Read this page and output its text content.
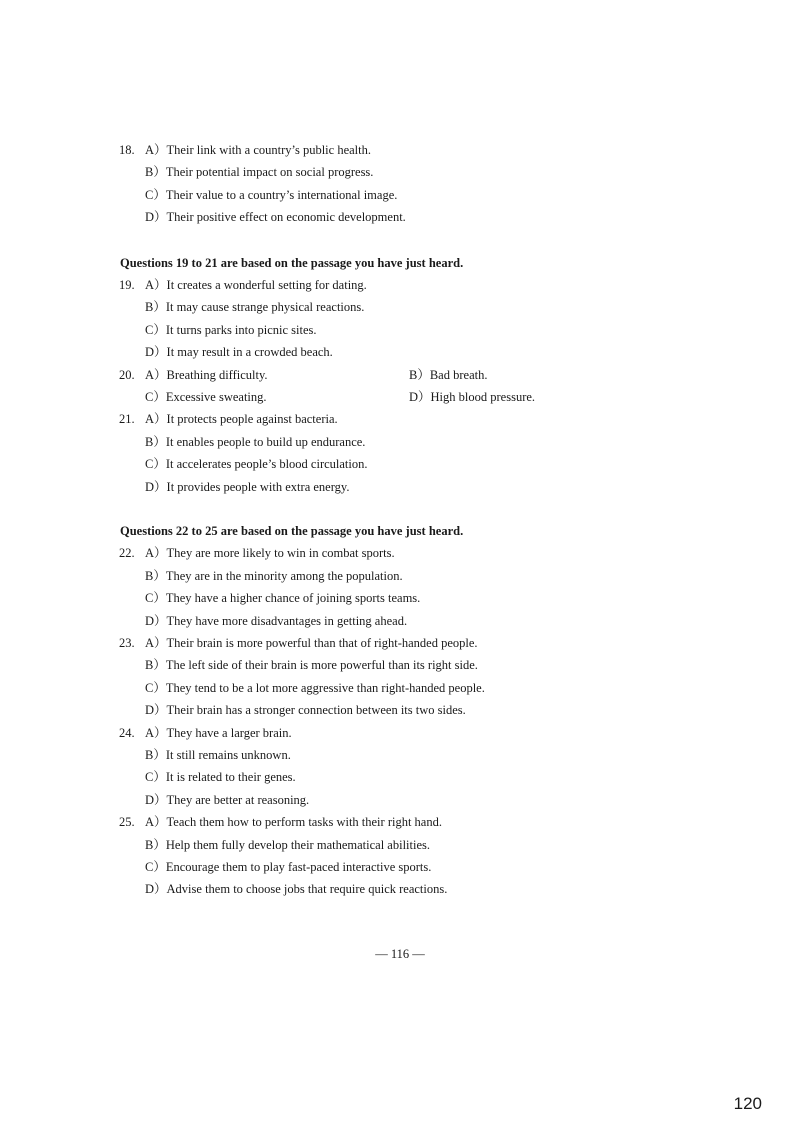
18. A）Their link with a country’s public health.
B）Their potential impact on social progress.
C）Their value to a country’s international image.
D）Their positive effect on economic development.
Questions 19 to 21 are based on the passage you have just heard.
19. A）It creates a wonderful setting for dating.
B）It may cause strange physical reactions.
C）It turns parks into picnic sites.
D）It may result in a crowded beach.
20. A）Breathing difficulty.	B）Bad breath.
C）Excessive sweating.	D）High blood pressure.
21. A）It protects people against bacteria.
B）It enables people to build up endurance.
C）It accelerates people’s blood circulation.
D）It provides people with extra energy.
Questions 22 to 25 are based on the passage you have just heard.
22. A）They are more likely to win in combat sports.
B）They are in the minority among the population.
C）They have a higher chance of joining sports teams.
D）They have more disadvantages in getting ahead.
23. A）Their brain is more powerful than that of right-handed people.
B）The left side of their brain is more powerful than its right side.
C）They tend to be a lot more aggressive than right-handed people.
D）Their brain has a stronger connection between its two sides.
24. A）They have a larger brain.
B）It still remains unknown.
C）It is related to their genes.
D）They are better at reasoning.
25. A）Teach them how to perform tasks with their right hand.
B）Help them fully develop their mathematical abilities.
C）Encourage them to play fast-paced interactive sports.
D）Advise them to choose jobs that require quick reactions.
— 116 —
120
